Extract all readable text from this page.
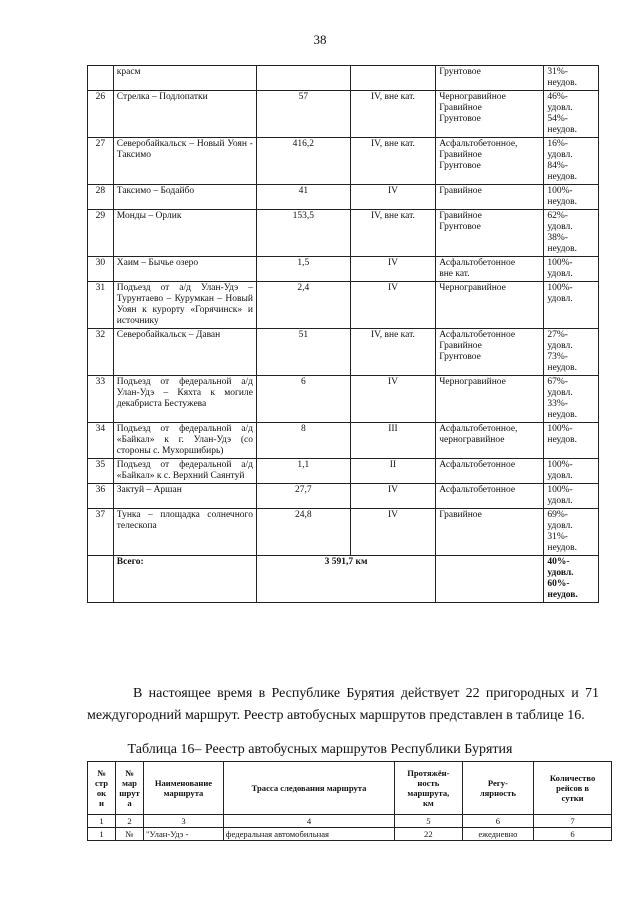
38
	красм			Грунтовое	31%-
неудов.
26	Стрелка – Подлопатки	57	IV, вне кат.	Черногравийное
Гравийное
Грунтовое	46%-
удовл.
54%-
неудов.
27	Северобайкальск – Новый Уоян - Таксимо	416,2	IV, вне кат.	Асфальтобетонное,
Гравийное
Грунтовое	16%-
удовл.
84%-
неудов.
28	Таксимо – Бодайбо	41	IV	Гравийное	100%-
неудов.
29	Монды – Орлик	153,5	IV, вне кат.	Гравийное
Грунтовое	62%-
удовл.
38%-
неудов.
30	Хаим – Бычье озеро	1,5	IV	Асфальтобетонное
вне кат.	100%-
удовл.
31	Подъезд от а/д Улан-Удэ – Турунтаево – Курумкан – Новый Уоян к курорту «Горячинск» и источнику	2,4	IV	Черногравийное	100%-
удовл.
32	Северобайкальск – Даван	51	IV, вне кат.	Асфальтобетонное
Гравийное
Грунтовое	27%-
удовл.
73%-
неудов.
33	Подъезд от федеральной а/д Улан-Удэ – Кяхта к могиле декабриста Бестужева	6	IV	Черногравийное	67%-
удовл.
33%-
неудов.
34	Подъезд от федеральной а/д «Байкал» к г. Улан-Удэ (со стороны с. Мухоршибирь)	8	III	Асфальтобетонное,
черногравийное	100%-
неудов.
35	Подъезд от федеральной а/д «Байкал» к с. Верхний Саянтуй	1,1	II	Асфальтобетонное	100%-
удовл.
36	Зактуй – Аршан	27,7	IV	Асфальтобетонное	100%-
удовл.
37	Тунка – площадка солнечного телескопа	24,8	IV	Гравийное	69%-
удовл.
31%-
неудов.
	Всего:	3 591,7 км			40%-
удовл.
60%-
неудов.
В настоящее время в Республике Бурятия действует 22 пригородных и 71 междугородний маршрут. Реестр автобусных маршрутов представлен в таблице 16.
Таблица 16– Реестр автобусных маршрутов Республики Бурятия
№
стр
ок
и	№
мар
шрут
а	Наименование
маршрута	Трасса следования маршрута	Протяжён-
ность
маршрута,
км	Регу-
лярность	Количество
рейсов в
сутки
1	2	3	4	5	6	7
1	№	"Улан-Удэ -	федеральная автомобильная	22	ежедневно	6
